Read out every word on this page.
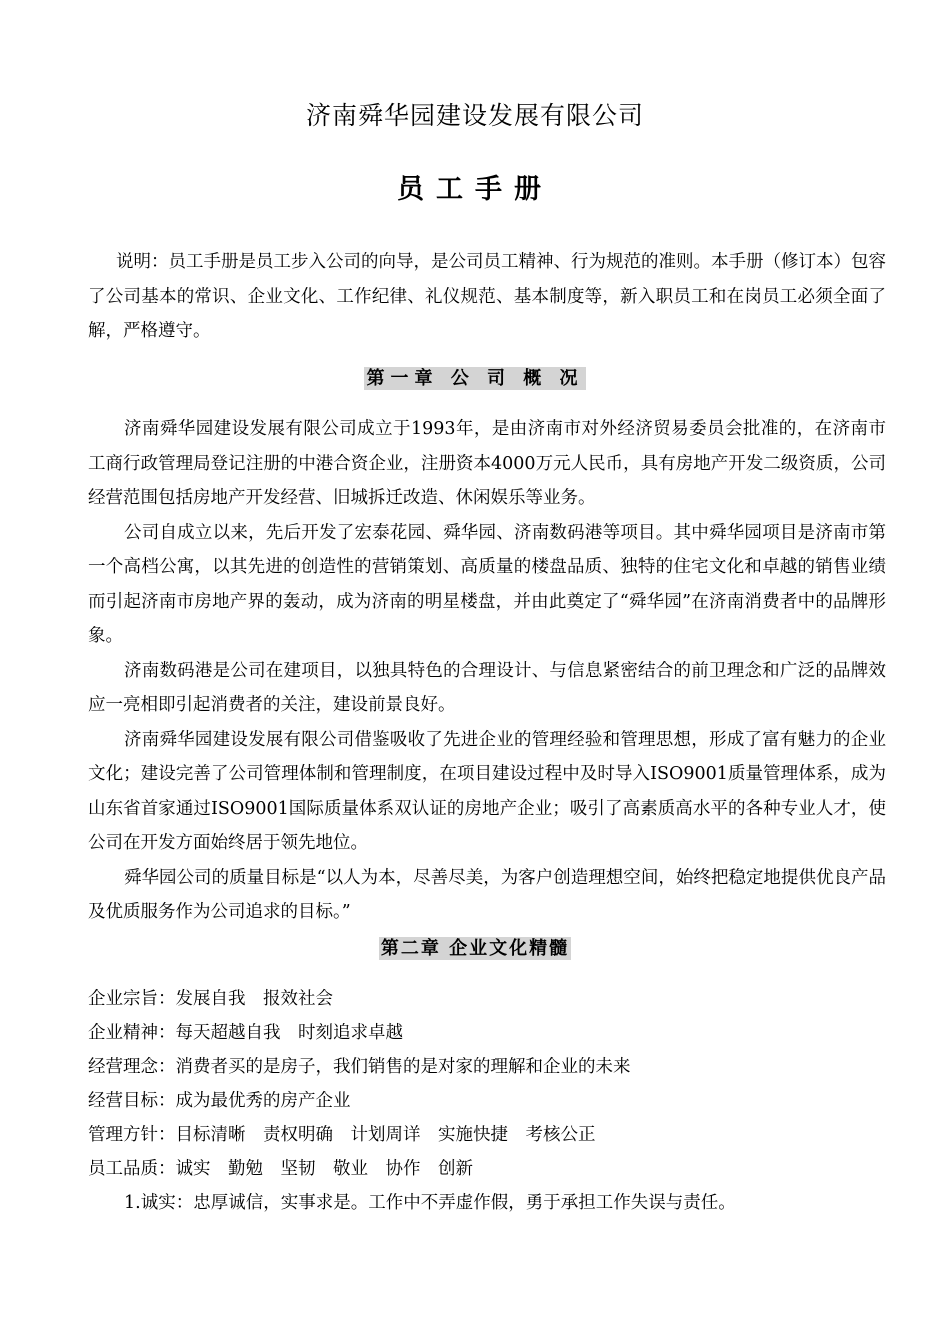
济南舜华园建设发展有限公司
员工手册

说明：员工手册是员工步入公司的向导，是公司员工精神、行为规范的准则。本手册（修订本）包容了公司基本的常识、企业文化、工作纪律、礼仪规范、基本制度等，新入职员工和在岗员工必须全面了解，严格遵守。

第一章 公 司 概 况

济南舜华园建设发展有限公司成立于1993年，是由济南市对外经济贸易委员会批准的，在济南市工商行政管理局登记注册的中港合资企业，注册资本4000万元人民币，具有房地产开发二级资质，公司经营范围包括房地产开发经营、旧城拆迁改造、休闲娱乐等业务。

公司自成立以来，先后开发了宏泰花园、舜华园、济南数码港等项目。其中舜华园项目是济南市第一个高档公寓，以其先进的创造性的营销策划、高质量的楼盘品质、独特的住宅文化和卓越的销售业绩而引起济南市房地产界的轰动，成为济南的明星楼盘，并由此奠定了“舜华园”在济南消费者中的品牌形象。

济南数码港是公司在建项目，以独具特色的合理设计、与信息紧密结合的前卫理念和广泛的品牌效应一亮相即引起消费者的关注，建设前景良好。

济南舜华园建设发展有限公司借鉴吸收了先进企业的管理经验和管理思想，形成了富有魅力的企业文化；建设完善了公司管理体制和管理制度，在项目建设过程中及时导入ISO9001质量管理体系，成为山东省首家通过ISO9001国际质量体系双认证的房地产企业；吸引了高素质高水平的各种专业人才，使公司在开发方面始终居于领先地位。

舜华园公司的质量目标是“以人为本，尽善尽美，为客户创造理想空间，始终把稳定地提供优良产品及优质服务作为公司追求的目标。”

第二章 企业文化精髓
企业宗旨：发展自我　报效社会
企业精神：每天超越自我　时刻追求卓越
经营理念：消费者买的是房子，我们销售的是对家的理解和企业的未来
经营目标：成为最优秀的房产企业
管理方针：目标清晰　责权明确　计划周详　实施快捷　考核公正
员工品质：诚实　勤勉　坚韧　敬业　协作　创新
1.诚实：忠厚诚信，实事求是。工作中不弄虚作假，勇于承担工作失误与责任。
